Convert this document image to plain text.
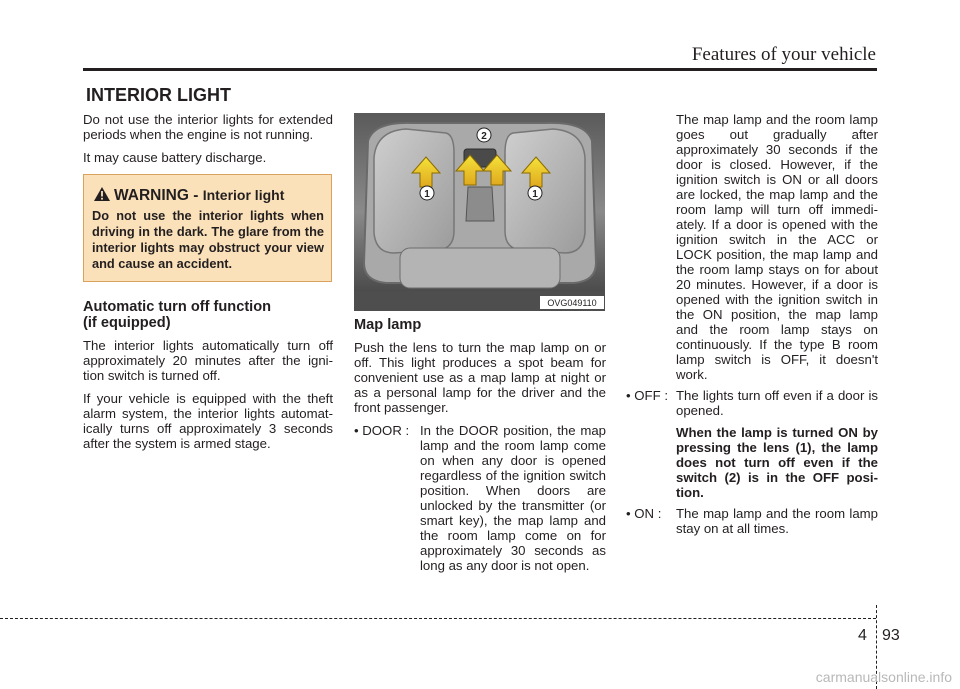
Features of your vehicle
INTERIOR LIGHT

Do not use the interior lights for extended periods when the engine is not running.

It may cause battery discharge.

WARNING - Interior light
Do not use the interior lights when driving in the dark. The glare from the interior lights may obstruct your view and cause an accident.
Automatic turn off function
(if equipped)

The interior lights automatically turn off approximately 20 minutes after the igni-tion switch is turned off.

If your vehicle is equipped with the theft alarm system, the interior lights automat-ically turns off approximately 3 seconds after the system is armed stage.

1
2
1
OVG049110
Map lamp

Push the lens to turn the map lamp on or off. This light produces a spot beam for convenient use as a map lamp at night or as a personal lamp for the driver and the front passenger.

• DOOR : In the DOOR position, the map lamp and the room lamp come on when any door is opened regardless of the ignition switch position. When doors are unlocked by the transmitter (or smart key), the map lamp and the room lamp come on for approximately 30 seconds as long as any door is not open.
The map lamp and the room lamp goes out gradually after approximately 30 seconds if the door is closed. However, if the ignition switch is ON or all doors are locked, the map lamp and the room lamp will turn off immedi-ately. If a door is opened with the ignition switch in the ACC or LOCK position, the map lamp and the room lamp stays on for about 20 minutes. However, if a door is opened with the ignition switch in the ON position, the map lamp and the room lamp stays on continuously. If the type B room lamp switch is OFF, it doesn't work.
• OFF : The lights turn off even if a door is opened.
When the lamp is turned ON by pressing the lens (1), the lamp does not turn off even if the switch (2) is in the OFF posi-tion.
• ON : The map lamp and the room lamp stay on at all times.
4 93
carmanualsonline.info
